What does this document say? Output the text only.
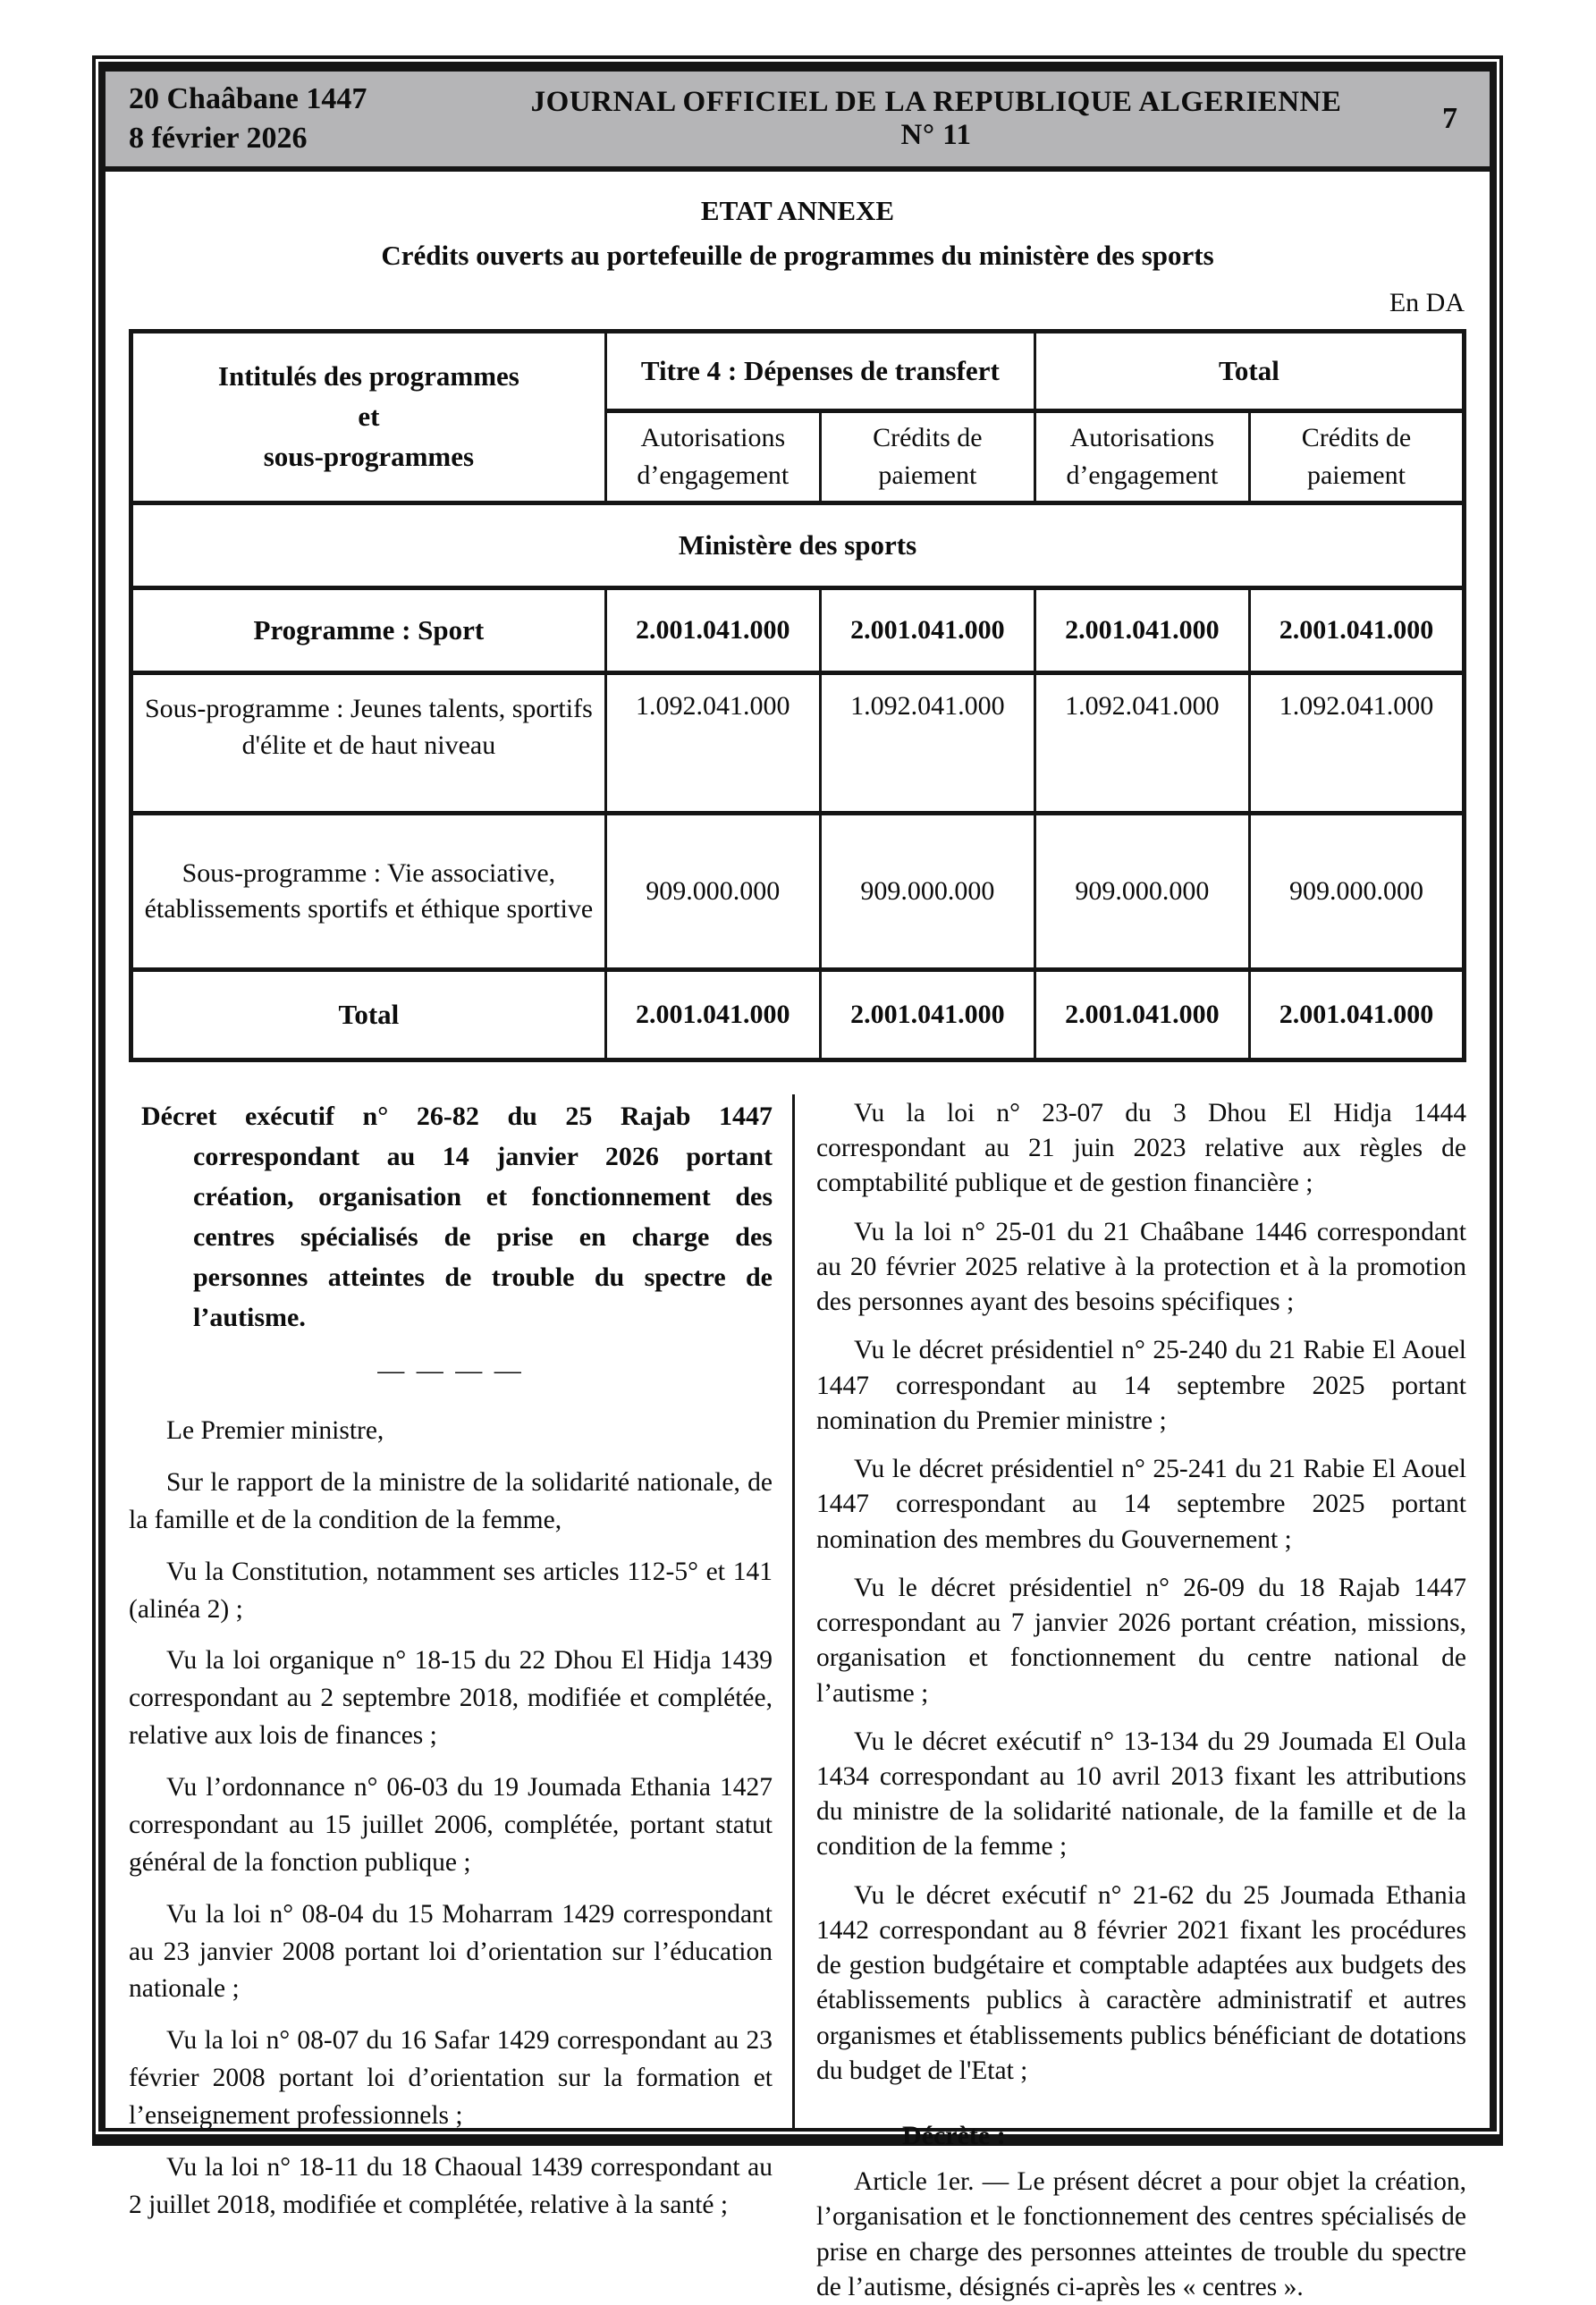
20 Chaâbane 1447
8 février 2026
JOURNAL OFFICIEL DE LA REPUBLIQUE ALGERIENNE N° 11	7
ETAT ANNEXE
Crédits ouverts au portefeuille de programmes du ministère des sports
En DA
Intitulés des programmes
et
sous-programmes	Titre 4 : Dépenses de transfert		Total	
	Autorisations d’engagement	Crédits de paiement	Autorisations d’engagement	Crédits de paiement
Ministère des sports				
Programme : Sport	2.001.041.000	2.001.041.000	2.001.041.000	2.001.041.000
Sous-programme : Jeunes talents, sportifs d'élite et de haut niveau	1.092.041.000	1.092.041.000	1.092.041.000	1.092.041.000
Sous-programme : Vie associative, établissements sportifs et éthique sportive	909.000.000	909.000.000	909.000.000	909.000.000
Total	2.001.041.000	2.001.041.000	2.001.041.000	2.001.041.000

Décret exécutif n° 26-82 du 25 Rajab 1447 correspondant au 14 janvier 2026 portant création, organisation et fonctionnement des centres spécialisés de prise en charge des personnes atteintes de trouble du spectre de l’autisme.

— — — —

Le Premier ministre,

Sur le rapport de la ministre de la solidarité nationale, de la famille et de la condition de la femme,

Vu la Constitution, notamment ses articles 112-5° et 141 (alinéa 2) ;

Vu la loi organique n° 18-15 du 22 Dhou El Hidja 1439 correspondant au 2 septembre 2018, modifiée et complétée, relative aux lois de finances ;

Vu l’ordonnance n° 06-03 du 19 Joumada Ethania 1427 correspondant au 15 juillet 2006, complétée, portant statut général de la fonction publique ;

Vu la loi n° 08-04 du 15 Moharram 1429 correspondant au 23 janvier 2008 portant loi d’orientation sur l’éducation nationale ;

Vu la loi n° 08-07 du 16 Safar 1429 correspondant au 23 février 2008 portant loi d’orientation sur la formation et l’enseignement professionnels ;

Vu la loi n° 18-11 du 18 Chaoual 1439 correspondant au 2 juillet 2018, modifiée et complétée, relative à la santé ;

Vu la loi n° 23-07 du 3 Dhou El Hidja 1444 correspondant au 21 juin 2023 relative aux règles de comptabilité publique et de gestion financière ;

Vu la loi n° 25-01 du 21 Chaâbane 1446 correspondant au 20 février 2025 relative à la protection et à la promotion des personnes ayant des besoins spécifiques ;

Vu le décret présidentiel n° 25-240 du 21 Rabie El Aouel 1447 correspondant au 14 septembre 2025 portant nomination du Premier ministre ;

Vu le décret présidentiel n° 25-241 du 21 Rabie El Aouel 1447 correspondant au 14 septembre 2025 portant nomination des membres du Gouvernement ;

Vu le décret présidentiel n° 26-09 du 18 Rajab 1447 correspondant au 7 janvier 2026 portant création, missions, organisation et fonctionnement du centre national de l’autisme ;

Vu le décret exécutif n° 13-134 du 29 Joumada El Oula 1434 correspondant au 10 avril 2013 fixant les attributions du ministre de la solidarité nationale, de la famille et de la condition de la femme ;

Vu le décret exécutif n° 21-62 du 25 Joumada Ethania 1442 correspondant au 8 février 2021 fixant les procédures de gestion budgétaire et comptable adaptées aux budgets des établissements publics à caractère administratif et autres organismes et établissements publics bénéficiant de dotations du budget de l'Etat ;

Décrète :

Article 1er. — Le présent décret a pour objet la création, l’organisation et le fonctionnement des centres spécialisés de prise en charge des personnes atteintes de trouble du spectre de l’autisme, désignés ci-après les « centres ».
